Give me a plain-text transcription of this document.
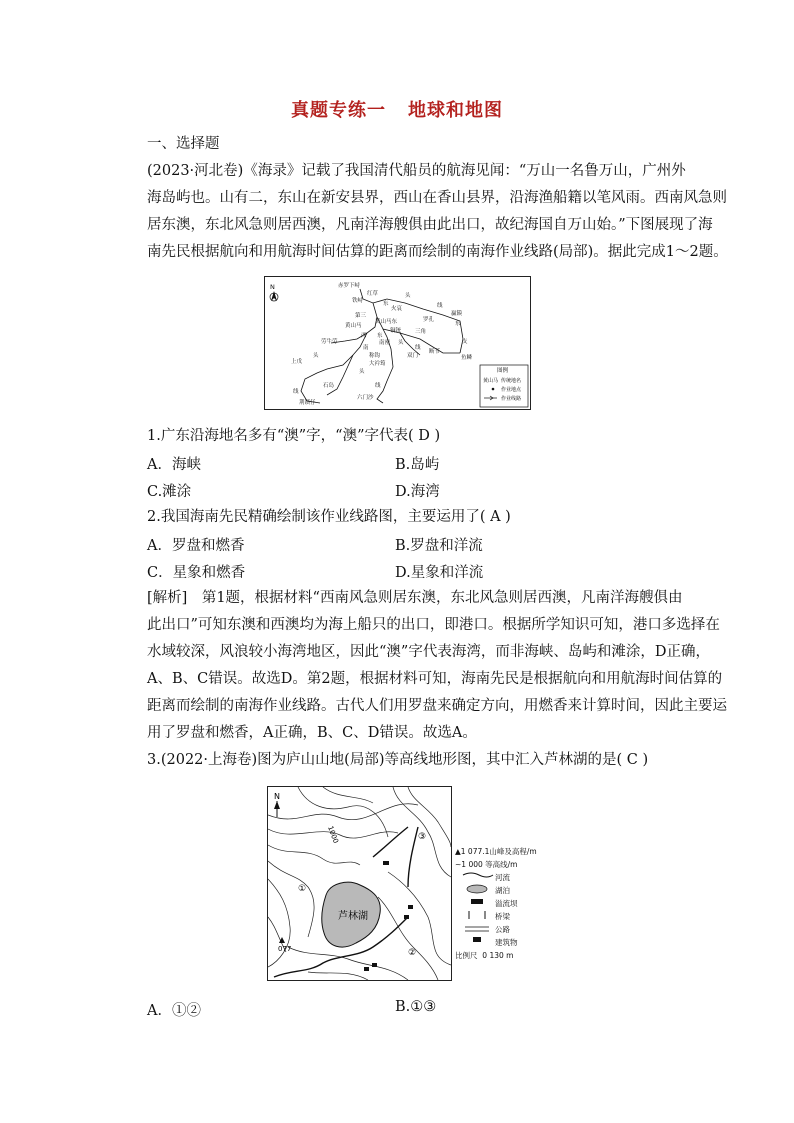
真题专练一 地球和地图
一、选择题
(2023·河北卷)《海录》记载了我国清代船员的航海见闻：“万山一名鲁万山，广州外
海岛屿也。山有二，东山在新安县界，西山在香山县界，沿海渔船籍以笔风雨。西南风急则
居东澳，东北风急则居西澳，凡南洋海艘俱由此出口，故纪海国自万山始。”下图展现了海
南先民根据航向和用航海时间估算的距离而绘制的南海作业线路(局部)。据此完成1～2题。
N	赤罗下峙
铁峙
红草
东
头
火哀	线
第三
黄山马
黄山马东	罗孔
贏饃
东
西 东
铜铳	三角
劳牛劳
南
南密 头
线
双门
断节
支
鱼鳞
上戊
头	称钩
大衿筠
头
线
石岛
线
荆锁仔
六门沙
图例
黄山马 传统地名
作业地点
作业线路
1.广东沿海地名多有“澳”字，“澳”字代表( D )
A．海峡	B.岛屿
C.滩涂	D.海湾
2.我国海南先民精确绘制该作业线路图，主要运用了( A )
A．罗盘和燃香	B.罗盘和洋流
C．星象和燃香	D.星象和洋流
[解析]　第1题，根据材料“西南风急则居东澳，东北风急则居西澳，凡南洋海艘俱由
此出口”可知东澳和西澳均为海上船只的出口，即港口。根据所学知识可知，港口多选择在
水域较深，风浪较小海湾地区，因此“澳”字代表海湾，而非海峡、岛屿和滩涂，D正确，
A、B、C错误。故选D。第2题，根据材料可知，海南先民是根据航向和用航海时间估算的
距离而绘制的南海作业线路。古代人们用罗盘来确定方向，用燃香来计算时间，因此主要运
用了罗盘和燃香，A正确，B、C、D错误。故选A。
3.(2022·上海卷)图为庐山山地(局部)等高线地形图，其中汇入芦林湖的是( C )
芦林湖
N
1000
077
①
②
③
▲1 077.1山峰及高程/m
~1 000 等高线/m
河流
湖泊
溢流坝
桥梁
公路
建筑物
比例尺 0 130 m
A．①②	B.①③
